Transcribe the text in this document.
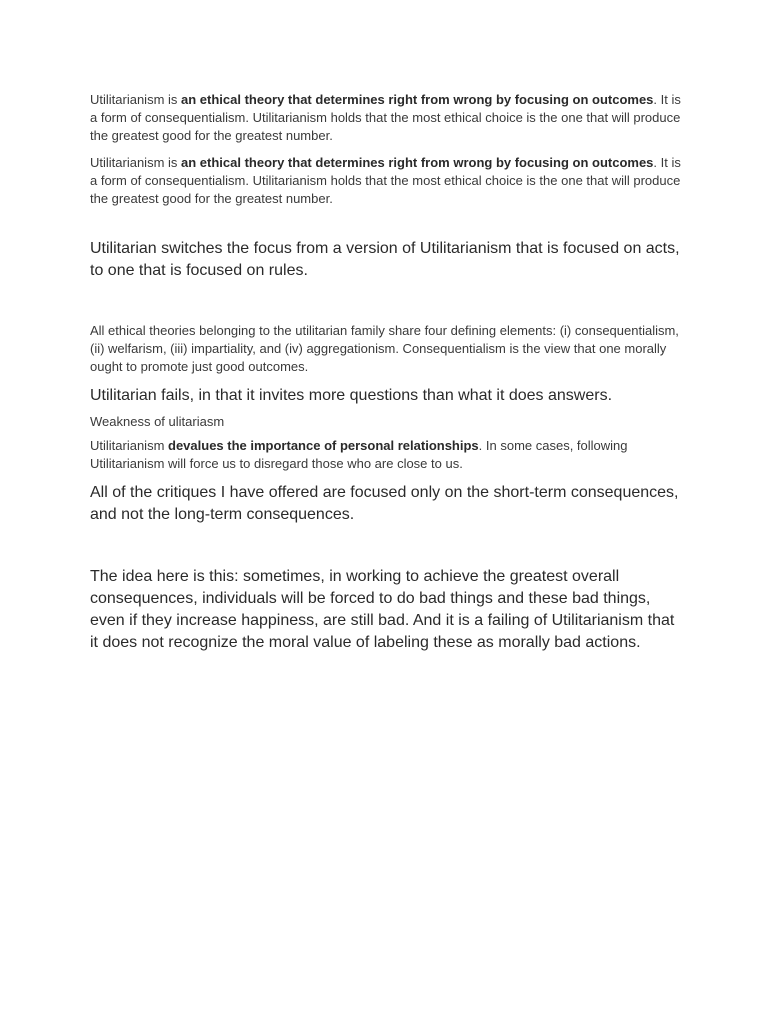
Utilitarianism is an ethical theory that determines right from wrong by focusing on outcomes. It is a form of consequentialism. Utilitarianism holds that the most ethical choice is the one that will produce the greatest good for the greatest number.

Utilitarianism is an ethical theory that determines right from wrong by focusing on outcomes. It is a form of consequentialism. Utilitarianism holds that the most ethical choice is the one that will produce the greatest good for the greatest number.

Utilitarian switches the focus from a version of Utilitarianism that is focused on acts, to one that is focused on rules.

All ethical theories belonging to the utilitarian family share four defining elements: (i) consequentialism, (ii) welfarism, (iii) impartiality, and (iv) aggregationism. Consequentialism is the view that one morally ought to promote just good outcomes.

Utilitarian fails, in that it invites more questions than what it does answers.

Weakness of ulitariasm

Utilitarianism devalues the importance of personal relationships. In some cases, following Utilitarianism will force us to disregard those who are close to us.

All of the critiques I have offered are focused only on the short-term consequences, and not the long-term consequences.

The idea here is this: sometimes, in working to achieve the greatest overall consequences, individuals will be forced to do bad things and these bad things, even if they increase happiness, are still bad. And it is a failing of Utilitarianism that it does not recognize the moral value of labeling these as morally bad actions.
